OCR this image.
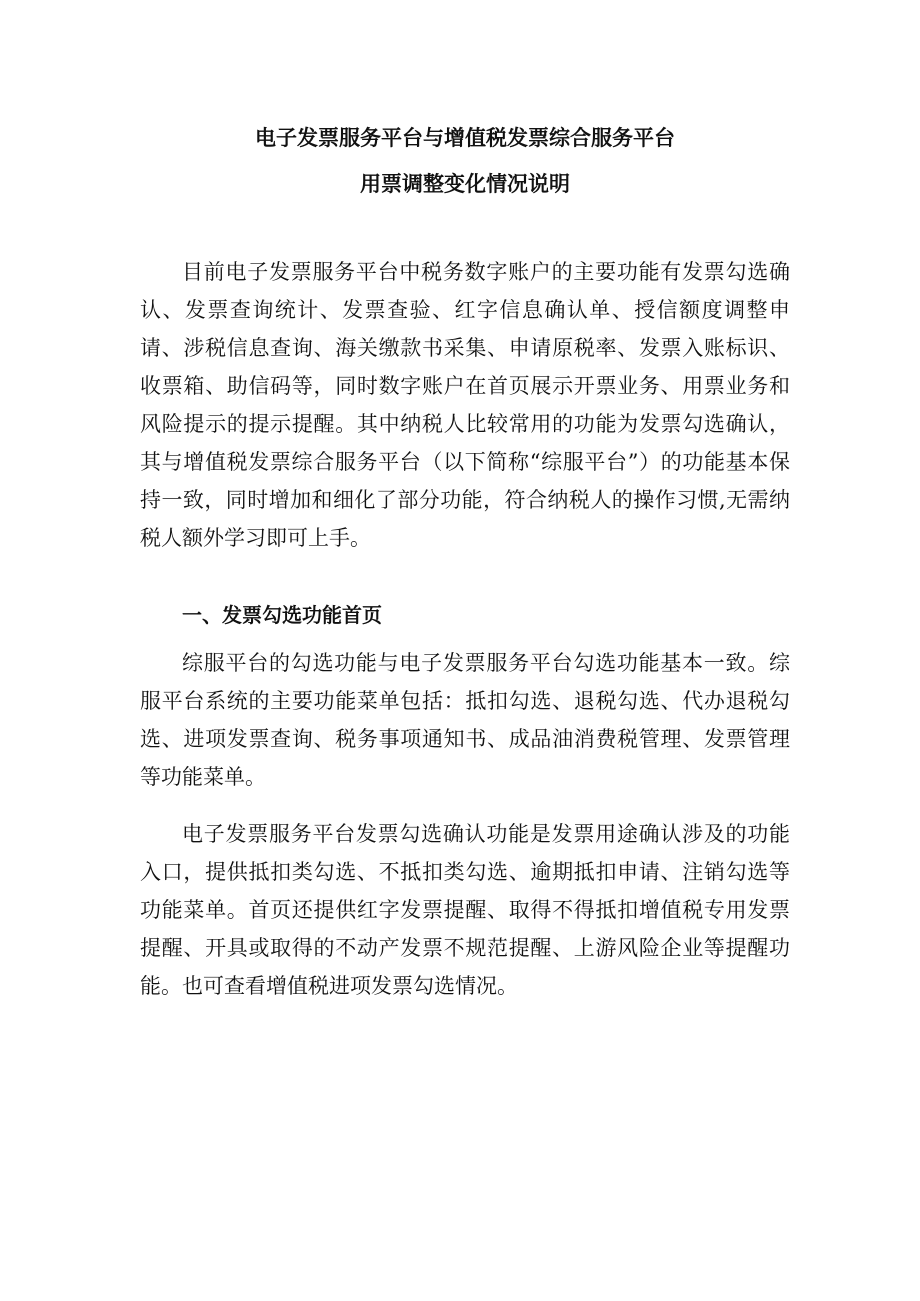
电子发票服务平台与增值税发票综合服务平台
用票调整变化情况说明

目前电子发票服务平台中税务数字账户的主要功能有发票勾选确认、发票查询统计、发票查验、红字信息确认单、授信额度调整申请、涉税信息查询、海关缴款书采集、申请原税率、发票入账标识、收票箱、助信码等，同时数字账户在首页展示开票业务、用票业务和风险提示的提示提醒。其中纳税人比较常用的功能为发票勾选确认，其与增值税发票综合服务平台（以下简称“综服平台”）的功能基本保持一致，同时增加和细化了部分功能，符合纳税人的操作习惯,无需纳税人额外学习即可上手。

一、发票勾选功能首页

综服平台的勾选功能与电子发票服务平台勾选功能基本一致。综服平台系统的主要功能菜单包括：抵扣勾选、退税勾选、代办退税勾选、进项发票查询、税务事项通知书、成品油消费税管理、发票管理等功能菜单。

电子发票服务平台发票勾选确认功能是发票用途确认涉及的功能入口，提供抵扣类勾选、不抵扣类勾选、逾期抵扣申请、注销勾选等功能菜单。首页还提供红字发票提醒、取得不得抵扣增值税专用发票提醒、开具或取得的不动产发票不规范提醒、上游风险企业等提醒功能。也可查看增值税进项发票勾选情况。
